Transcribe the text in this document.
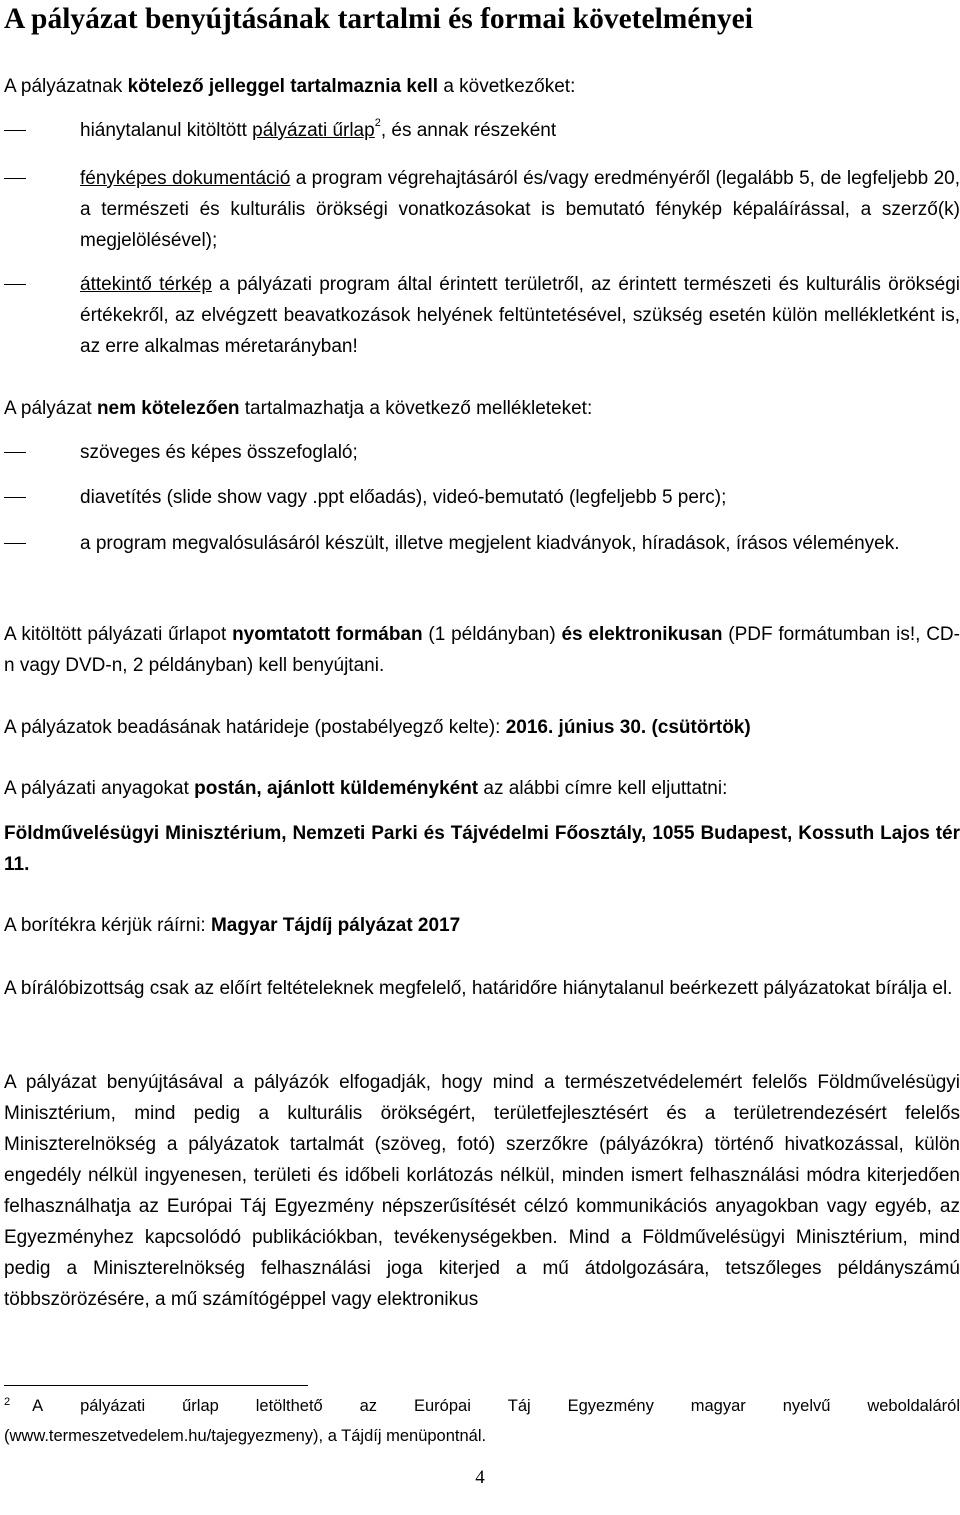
A pályázat benyújtásának tartalmi és formai követelményei

A pályázatnak kötelező jelleggel tartalmaznia kell a következőket:

hiánytalanul kitöltött pályázati űrlap$^2$, és annak részeként
fényképes dokumentáció a program végrehajtásáról és/vagy eredményéről (legalább 5, de legfeljebb 20, a természeti és kulturális örökségi vonatkozásokat is bemutató fénykép képaláírással, a szerző(k) megjelölésével);
áttekintő térkép a pályázati program által érintett területről, az érintett természeti és kulturális örökségi értékekről, az elvégzett beavatkozások helyének feltüntetésével, szükség esetén külön mellékletként is, az erre alkalmas méretarányban!

A pályázat nem kötelezően tartalmazhatja a következő mellékleteket:

szöveges és képes összefoglaló;
diavetítés (slide show vagy .ppt előadás), videó-bemutató (legfeljebb 5 perc);
a program megvalósulásáról készült, illetve megjelent kiadványok, híradások, írásos vélemények.

A kitöltött pályázati űrlapot nyomtatott formában (1 példányban) és elektronikusan (PDF formátumban is!, CD-n vagy DVD-n, 2 példányban) kell benyújtani.

A pályázatok beadásának határideje (postabélyegző kelte): 2016. június 30. (csütörtök)

A pályázati anyagokat postán, ajánlott küldeményként az alábbi címre kell eljuttatni:

Földművelésügyi Minisztérium, Nemzeti Parki és Tájvédelmi Főosztály, 1055 Budapest, Kossuth Lajos tér 11.

A borítékra kérjük ráírni: Magyar Tájdíj pályázat 2017

A bírálóbizottság csak az előírt feltételeknek megfelelő, határidőre hiánytalanul beérkezett pályázatokat bírálja el.

A pályázat benyújtásával a pályázók elfogadják, hogy mind a természetvédelemért felelős Földművelésügyi Minisztérium, mind pedig a kulturális örökségért, területfejlesztésért és a területrendezésért felelős Miniszterelnökség a pályázatok tartalmát (szöveg, fotó) szerzőkre (pályázókra) történő hivatkozással, külön engedély nélkül ingyenesen, területi és időbeli korlátozás nélkül, minden ismert felhasználási módra kiterjedően felhasználhatja az Európai Táj Egyezmény népszerűsítését célzó kommunikációs anyagokban vagy egyéb, az Egyezményhez kapcsolódó publikációkban, tevékenységekben. Mind a Földművelésügyi Minisztérium, mind pedig a Miniszterelnökség felhasználási joga kiterjed a mű átdolgozására, tetszőleges példányszámú többszörözésére, a mű számítógéppel vagy elektronikus

$^2$ A pályázati űrlap letölthető az Európai Táj Egyezmény magyar nyelvű weboldaláról
(www.termeszetvedelem.hu/tajegyezmeny), a Tájdíj menüpontnál.
4
